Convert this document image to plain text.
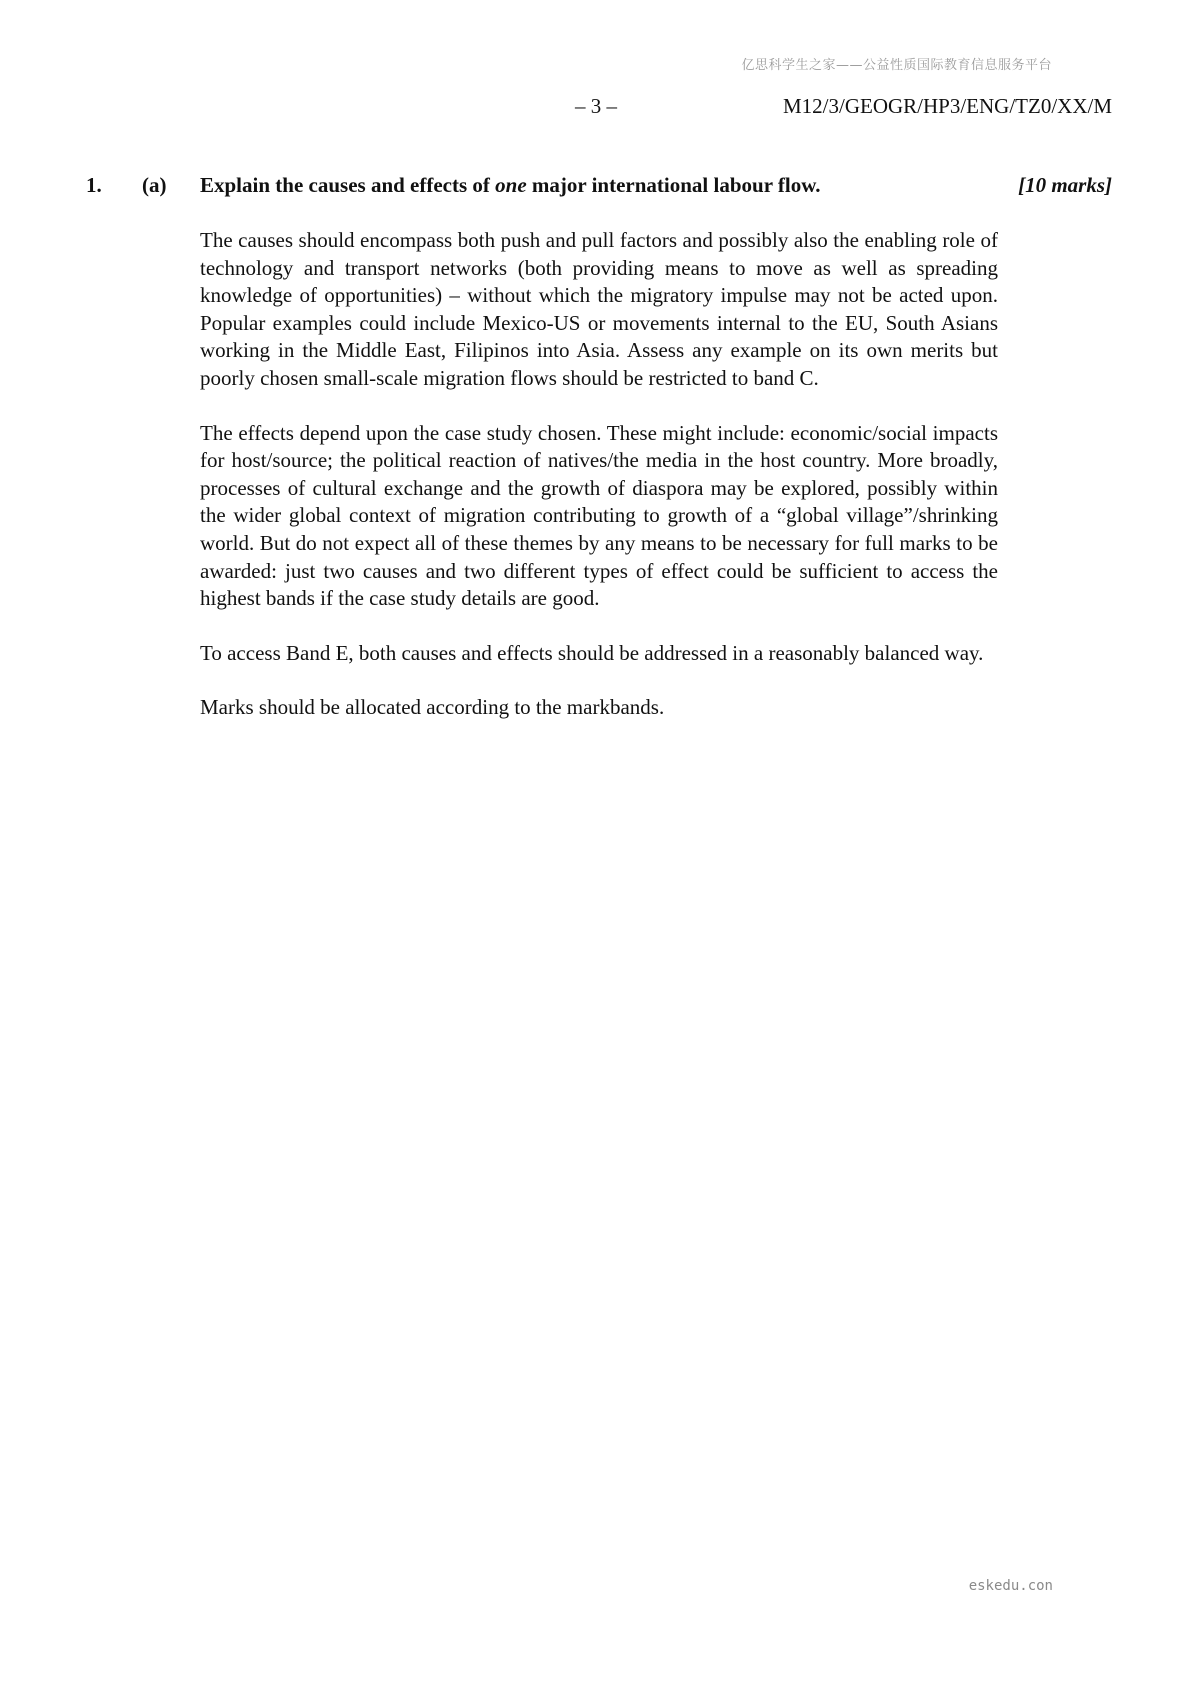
亿思科学生之家——公益性质国际教育信息服务平台
– 3 –	M12/3/GEOGR/HP3/ENG/TZ0/XX/M
1. (a) Explain the causes and effects of one major international labour flow.	[10 marks]

The causes should encompass both push and pull factors and possibly also the enabling role of technology and transport networks (both providing means to move as well as spreading knowledge of opportunities) – without which the migratory impulse may not be acted upon. Popular examples could include Mexico-US or movements internal to the EU, South Asians working in the Middle East, Filipinos into Asia. Assess any example on its own merits but poorly chosen small-scale migration flows should be restricted to band C.

The effects depend upon the case study chosen. These might include: economic/social impacts for host/source; the political reaction of natives/the media in the host country. More broadly, processes of cultural exchange and the growth of diaspora may be explored, possibly within the wider global context of migration contributing to growth of a “global village”/shrinking world. But do not expect all of these themes by any means to be necessary for full marks to be awarded: just two causes and two different types of effect could be sufficient to access the highest bands if the case study details are good.

To access Band E, both causes and effects should be addressed in a reasonably balanced way.

Marks should be allocated according to the markbands.

eskedu.con
